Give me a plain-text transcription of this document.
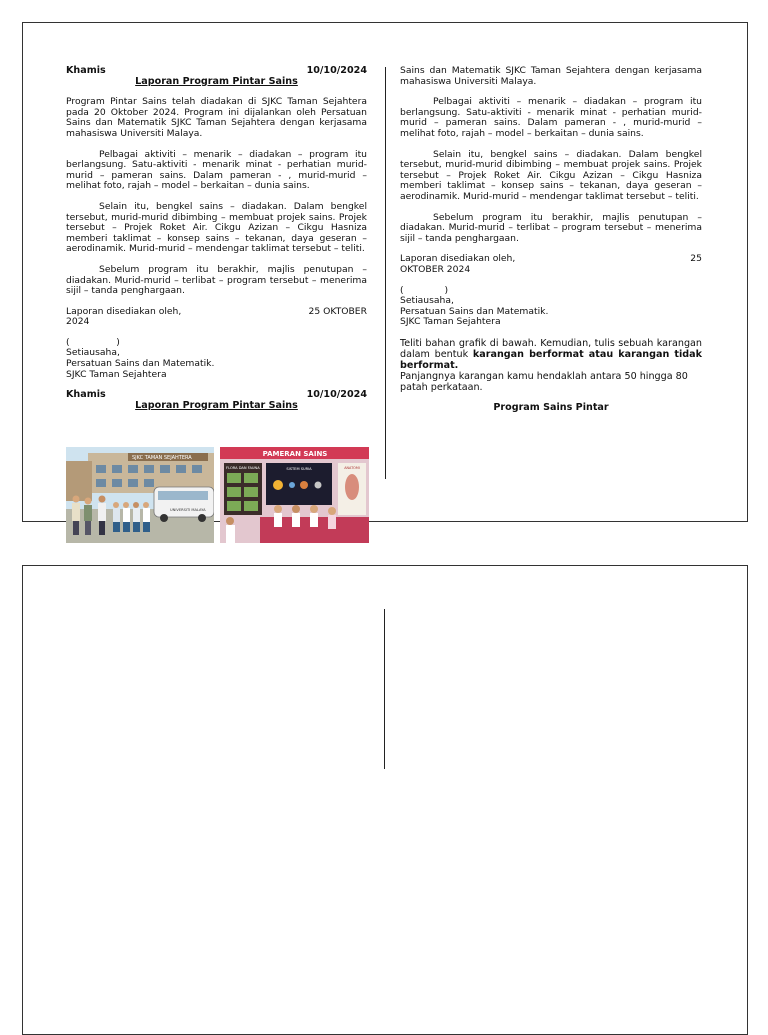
Khamis	10/10/2024
Laporan Program Pintar Sains

Program Pintar Sains telah diadakan di SJKC Taman Sejahtera pada 20 Oktober 2024. Program ini dijalankan oleh Persatuan Sains dan Matematik SJKC Taman Sejahtera dengan kerjasama mahasiswa Universiti Malaya.

Pelbagai aktiviti – menarik – diadakan – program itu berlangsung. Satu-aktiviti - menarik minat - perhatian murid-murid – pameran sains. Dalam pameran - , murid-murid – melihat foto, rajah – model – berkaitan – dunia sains.

Selain itu, bengkel sains – diadakan. Dalam bengkel tersebut, murid-murid dibimbing – membuat projek sains. Projek tersebut – Projek Roket Air. Cikgu Azizan – Cikgu Hasniza memberi taklimat – konsep sains – tekanan, daya geseran – aerodinamik. Murid-murid – mendengar taklimat tersebut – teliti.

Sebelum program itu berakhir, majlis penutupan – diadakan. Murid-murid – terlibat – program tersebut – menerima sijil – tanda penghargaan.

Laporan disediakan oleh,	25 OKTOBER
2024
(                )
Setiausaha,
Persatuan Sains dan Matematik.
SJKC Taman Sejahtera
Khamis	10/10/2024
Laporan Program Pintar Sains
SJKC TAMAN SEJAHTERA
UNIVERSITI MALAYA
PAMERAN SAINS
FLORA DAN FAUNA	SISTEM SURIA	ANATOMI

Sains dan Matematik SJKC Taman Sejahtera dengan kerjasama mahasiswa Universiti Malaya.

Pelbagai aktiviti – menarik – diadakan – program itu berlangsung. Satu-aktiviti - menarik minat - perhatian murid-murid – pameran sains. Dalam pameran - , murid-murid – melihat foto, rajah – model – berkaitan – dunia sains.

Selain itu, bengkel sains – diadakan. Dalam bengkel tersebut, murid-murid dibimbing – membuat projek sains. Projek tersebut – Projek Roket Air. Cikgu Azizan – Cikgu Hasniza memberi taklimat – konsep sains – tekanan, daya geseran – aerodinamik. Murid-murid – mendengar taklimat tersebut – teliti.

Sebelum program itu berakhir, majlis penutupan – diadakan. Murid-murid – terlibat – program tersebut – menerima sijil – tanda penghargaan.

Laporan disediakan oleh,	25
OKTOBER 2024
(              )
Setiausaha,
Persatuan Sains dan Matematik.
SJKC Taman Sejahtera
Teliti bahan grafik di bawah. Kemudian, tulis sebuah karangan dalam bentuk karangan berformat atau karangan tidak berformat.
Panjangnya karangan kamu hendaklah antara 50 hingga 80 patah perkataan.
Program Sains Pintar
